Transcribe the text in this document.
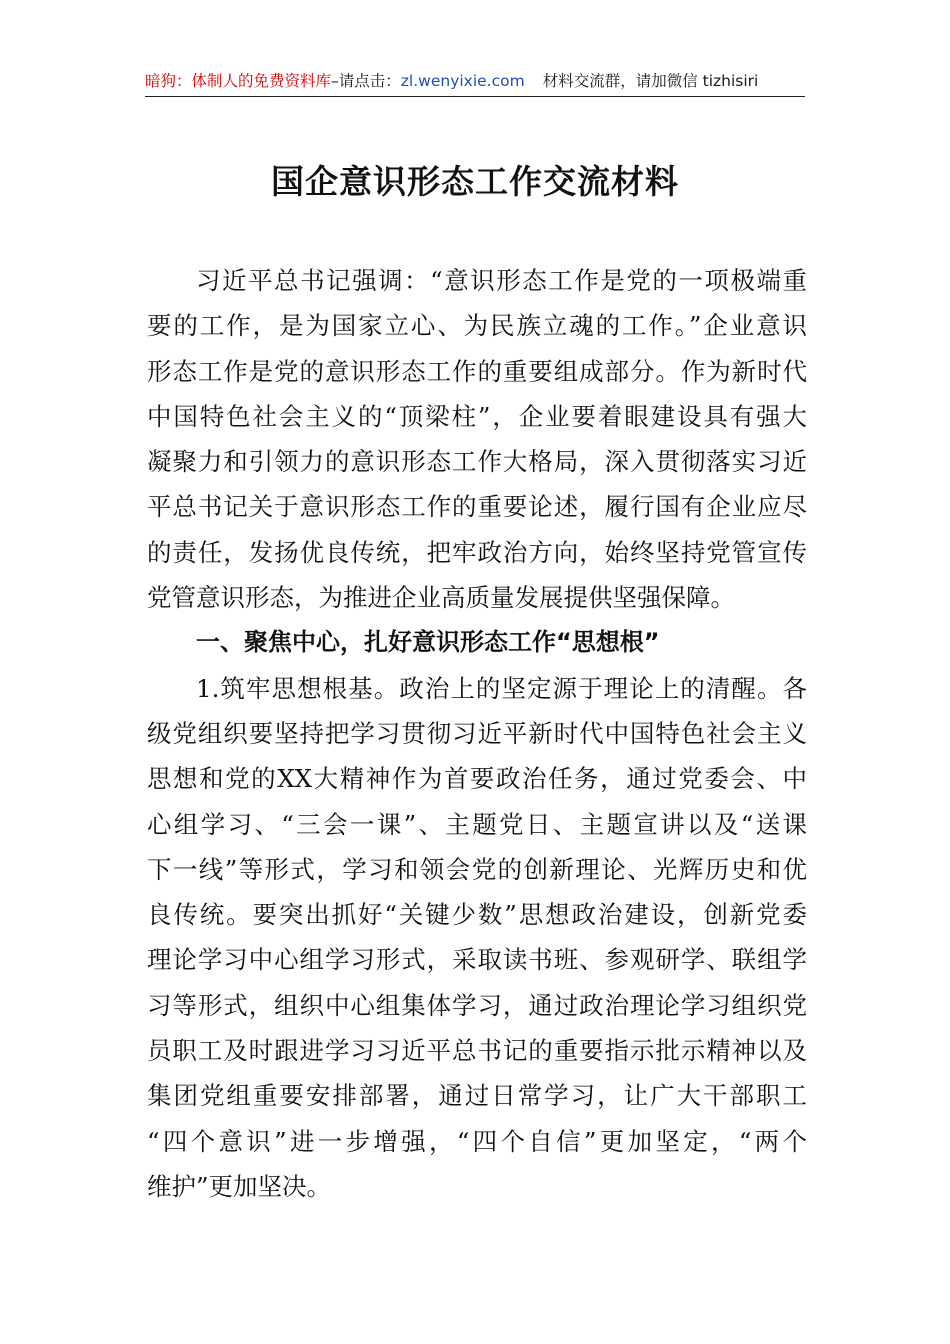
暗狗：体制人的免费资料库 –请点击： zl.wenyixie.com 材料交流群，请加微信 tizhisiri
国企意识形态工作交流材料
习近平总书记强调：“意识形态工作是党的一项极端重
要的工作，是为国家立心、为民族立魂的工作。”企业意识
形态工作是党的意识形态工作的重要组成部分。作为新时代
中国特色社会主义的“顶梁柱”，企业要着眼建设具有强大
凝聚力和引领力的意识形态工作大格局，深入贯彻落实习近
平总书记关于意识形态工作的重要论述，履行国有企业应尽
的责任，发扬优良传统，把牢政治方向，始终坚持党管宣传
党管意识形态，为推进企业高质量发展提供坚强保障。
一、聚焦中心，扎好意识形态工作“思想根”
1.筑牢思想根基。政治上的坚定源于理论上的清醒。各
级党组织要坚持把学习贯彻习近平新时代中国特色社会主义
思想和党的XX大精神作为首要政治任务，通过党委会、中
心组学习、“三会一课”、主题党日、主题宣讲以及“送课
下一线”等形式，学习和领会党的创新理论、光辉历史和优
良传统。要突出抓好“关键少数”思想政治建设，创新党委
理论学习中心组学习形式，采取读书班、参观研学、联组学
习等形式，组织中心组集体学习，通过政治理论学习组织党
员职工及时跟进学习习近平总书记的重要指示批示精神以及
集团党组重要安排部署，通过日常学习，让广大干部职工
“四个意识”进一步增强，“四个自信”更加坚定，“两个
维护”更加坚决。
